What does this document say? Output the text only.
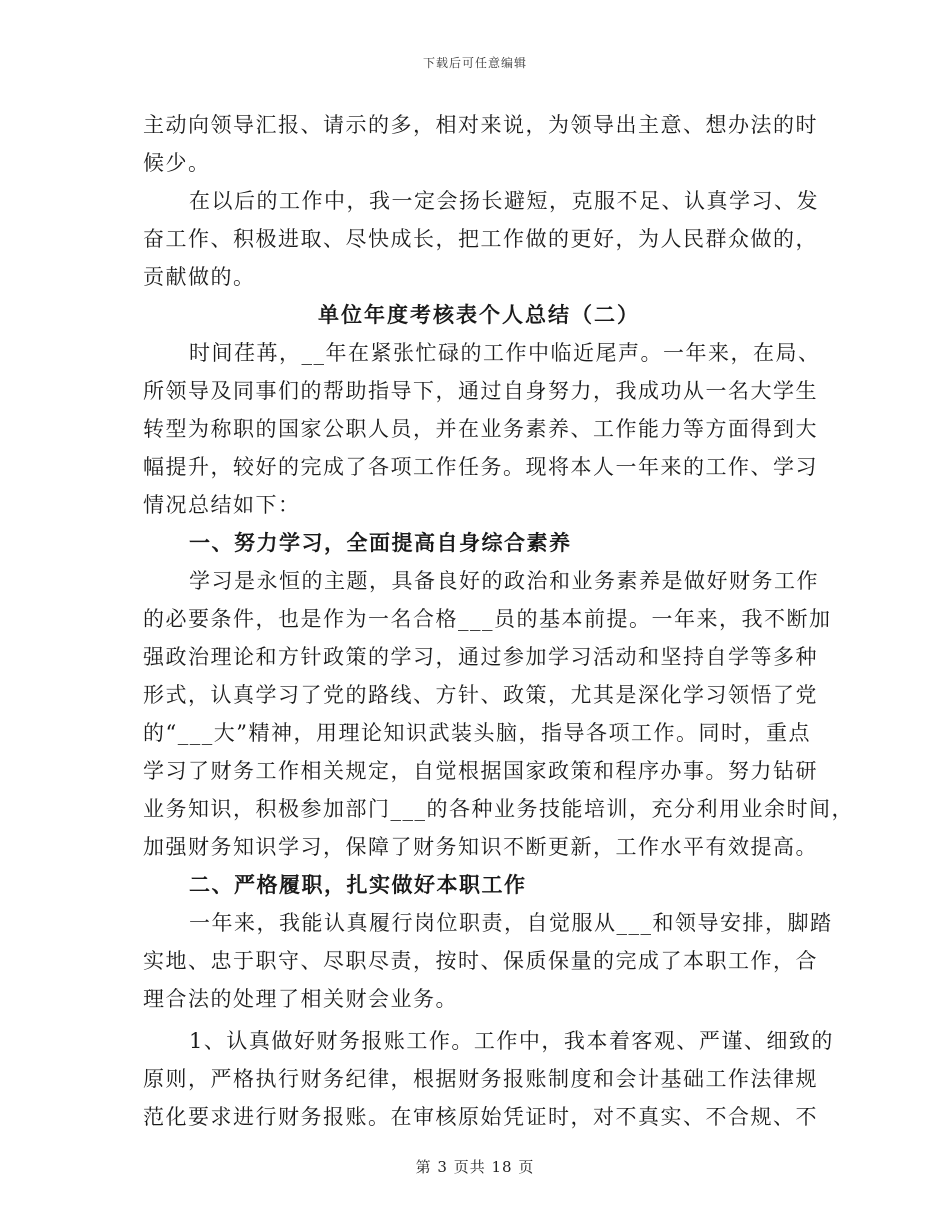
下载后可任意编辑
主动向领导汇报、请示的多，相对来说，为领导出主意、想办法的时
候少。
在以后的工作中，我一定会扬长避短，克服不足、认真学习、发
奋工作、积极进取、尽快成长，把工作做的更好，为人民群众做的，
贡献做的。
单位年度考核表个人总结（二）
时间荏苒，__年在紧张忙碌的工作中临近尾声。一年来，在局、
所领导及同事们的帮助指导下，通过自身努力，我成功从一名大学生
转型为称职的国家公职人员，并在业务素养、工作能力等方面得到大
幅提升，较好的完成了各项工作任务。现将本人一年来的工作、学习
情况总结如下：
一、努力学习，全面提高自身综合素养
学习是永恒的主题，具备良好的政治和业务素养是做好财务工作
的必要条件，也是作为一名合格___员的基本前提。一年来，我不断加
强政治理论和方针政策的学习，通过参加学习活动和坚持自学等多种
形式，认真学习了党的路线、方针、政策，尤其是深化学习领悟了党
的“___大”精神，用理论知识武装头脑，指导各项工作。同时，重点
学习了财务工作相关规定，自觉根据国家政策和程序办事。努力钻研
业务知识，积极参加部门___的各种业务技能培训，充分利用业余时间，
加强财务知识学习，保障了财务知识不断更新，工作水平有效提高。
二、严格履职，扎实做好本职工作
一年来，我能认真履行岗位职责，自觉服从___和领导安排，脚踏
实地、忠于职守、尽职尽责，按时、保质保量的完成了本职工作，合
理合法的处理了相关财会业务。
1、认真做好财务报账工作。工作中，我本着客观、严谨、细致的
原则，严格执行财务纪律，根据财务报账制度和会计基础工作法律规
范化要求进行财务报账。在审核原始凭证时，对不真实、不合规、不
第 3 页共 18 页
